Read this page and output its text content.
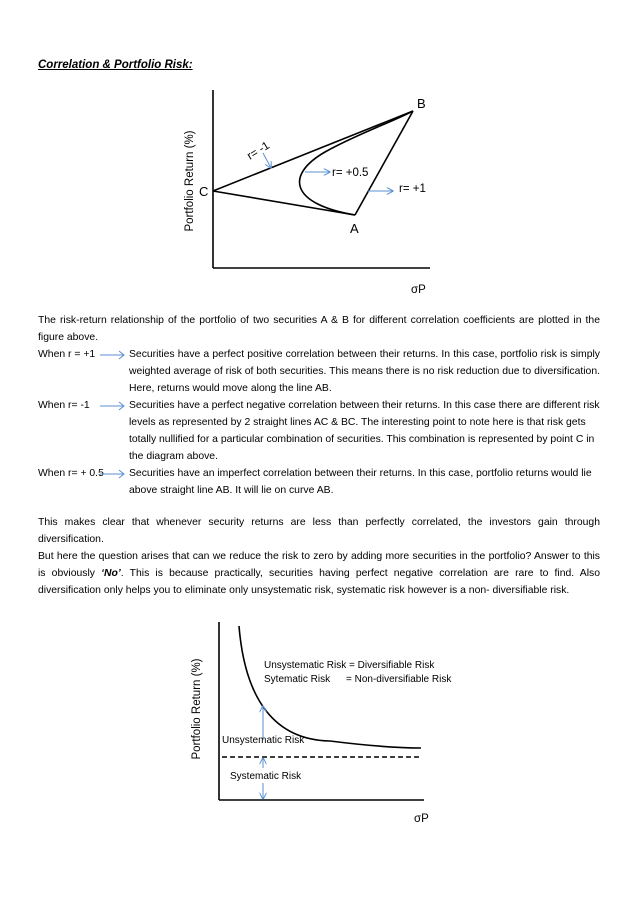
Correlation & Portfolio Risk:
B
C
A
r= -1
r= +0.5
r= +1
Portfolio Return (%)
σP
The risk-return relationship of the portfolio of two securities A & B for different correlation coefficients are plotted in the figure above.
When r = +1	Securities have a perfect positive correlation between their returns. In this case, portfolio risk is simply weighted average of risk of both securities. This means there is no risk reduction due to diversification. Here, returns would move along the line AB.
When r= -1	Securities have a perfect negative correlation between their returns. In this case there are different risk levels as represented by 2 straight lines AC & BC. The interesting point to note here is that risk gets totally nullified for a particular combination of securities. This combination is represented by point C in the diagram above.
When r= + 0.5 Securities have an imperfect correlation between their returns. In this case, portfolio returns would lie above straight line AB. It will lie on curve AB.
This makes clear that whenever security returns are less than perfectly correlated, the investors gain through diversification.
But here the question arises that can we reduce the risk to zero by adding more securities in the portfolio? Answer to this is obviously ‘No’. This is because practically, securities having perfect negative correlation are rare to find. Also diversification only helps you to eliminate only unsystematic risk, systematic risk however is a non- diversifiable risk.
Unsystematic Risk = Diversifiable Risk
Sytematic Risk = Non-diversifiable Risk
Unsystematic Risk
Systematic Risk
Portfolio Return (%)
σP
